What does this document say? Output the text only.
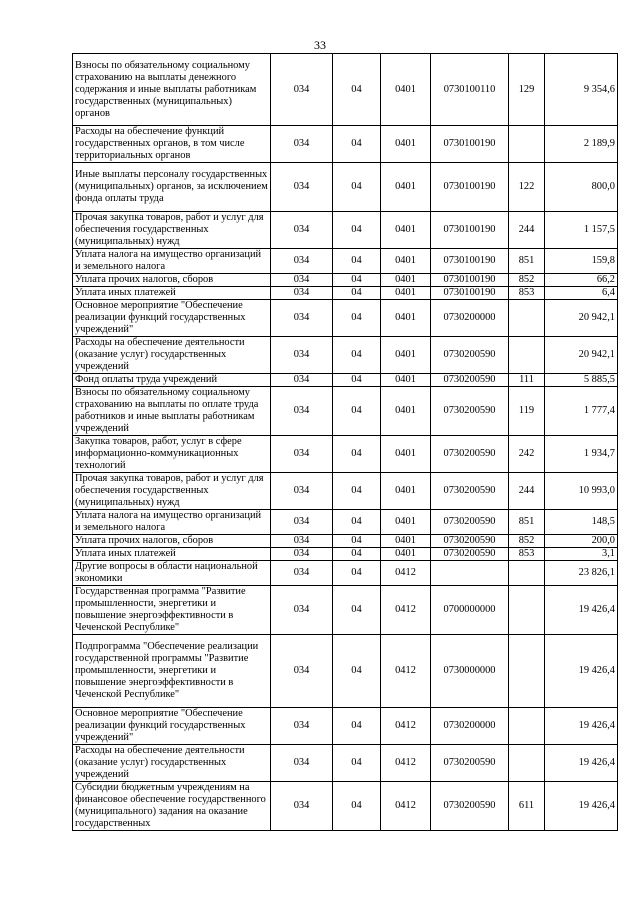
33
Взносы по обязательному социальному страхованию на выплаты денежного содержания и иные выплаты работникам государственных (муниципальных) органов	034	04	0401	0730100110	129	9 354,6
Расходы на обеспечение функций государственных органов, в том числе территориальных органов	034	04	0401	0730100190		2 189,9
Иные выплаты персоналу государственных (муниципальных) органов, за исключением фонда оплаты труда	034	04	0401	0730100190	122	800,0
Прочая закупка товаров, работ и услуг для обеспечения государственных (муниципальных) нужд	034	04	0401	0730100190	244	1 157,5
Уплата налога на имущество организаций и земельного налога	034	04	0401	0730100190	851	159,8
Уплата прочих налогов, сборов	034	04	0401	0730100190	852	66,2
Уплата иных платежей	034	04	0401	0730100190	853	6,4
Основное мероприятие "Обеспечение реализации функций государственных учреждений"	034	04	0401	0730200000		20 942,1
Расходы на обеспечение деятельности (оказание услуг) государственных учреждений	034	04	0401	0730200590		20 942,1
Фонд оплаты труда учреждений	034	04	0401	0730200590	111	5 885,5
Взносы по обязательному социальному страхованию на выплаты по оплате труда работников и иные выплаты работникам учреждений	034	04	0401	0730200590	119	1 777,4
Закупка товаров, работ, услуг в сфере информационно-коммуникационных технологий	034	04	0401	0730200590	242	1 934,7
Прочая закупка товаров, работ и услуг для обеспечения государственных (муниципальных) нужд	034	04	0401	0730200590	244	10 993,0
Уплата налога на имущество организаций и земельного налога	034	04	0401	0730200590	851	148,5
Уплата прочих налогов, сборов	034	04	0401	0730200590	852	200,0
Уплата иных платежей	034	04	0401	0730200590	853	3,1
Другие вопросы в области национальной экономики	034	04	0412			23 826,1
Государственная программа "Развитие промышленности, энергетики и повышение энергоэффективности в Чеченской Республике"	034	04	0412	0700000000		19 426,4
Подпрограмма "Обеспечение реализации государственной программы "Развитие промышленности, энергетики и повышение энергоэффективности в Чеченской Республике"	034	04	0412	0730000000		19 426,4
Основное мероприятие "Обеспечение реализации функций государственных учреждений"	034	04	0412	0730200000		19 426,4
Расходы на обеспечение деятельности (оказание услуг) государственных учреждений	034	04	0412	0730200590		19 426,4
Субсидии бюджетным учреждениям на финансовое обеспечение государственного (муниципального) задания на оказание государственных	034	04	0412	0730200590	611	19 426,4
